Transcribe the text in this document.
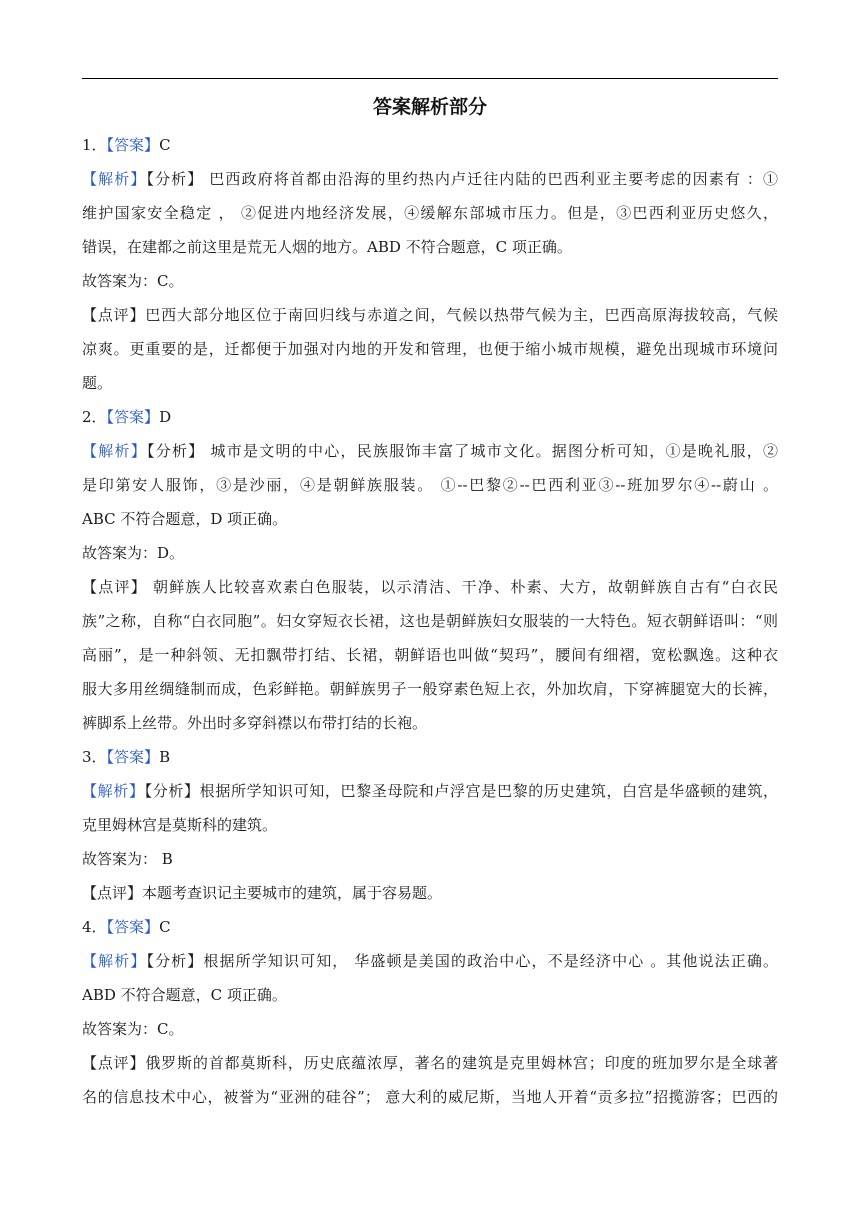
答案解析部分
1．【答案】C
【解析】【分析】 巴西政府将首都由沿海的里约热内卢迁往内陆的巴西利亚主要考虑的因素有 ：①
维护国家安全稳定 ， ②促进内地经济发展，④缓解东部城市压力。但是，③巴西利亚历史悠久，
错误，在建都之前这里是荒无人烟的地方。ABD 不符合题意，C 项正确。
故答案为：C。
【点评】巴西大部分地区位于南回归线与赤道之间，气候以热带气候为主，巴西高原海拔较高，气候
凉爽。更重要的是，迁都便于加强对内地的开发和管理，也便于缩小城市规模，避免出现城市环境问
题。
2．【答案】D
【解析】【分析】 城市是文明的中心，民族服饰丰富了城市文化。据图分析可知，①是晚礼服，②
是印第安人服饰，③是沙丽，④是朝鲜族服装。 ①--巴黎②--巴西利亚③--班加罗尔④--蔚山 。
ABC 不符合题意，D 项正确。
故答案为：D。
【点评】 朝鲜族人比较喜欢素白色服装，以示清洁、干净、朴素、大方，故朝鲜族自古有“白衣民
族”之称，自称“白衣同胞”。妇女穿短衣长裙，这也是朝鲜族妇女服装的一大特色。短衣朝鲜语叫：“则
高丽”，是一种斜领、无扣飘带打结、长裙，朝鲜语也叫做“契玛”，腰间有细褶，宽松飘逸。这种衣
服大多用丝绸缝制而成，色彩鲜艳。朝鲜族男子一般穿素色短上衣，外加坎肩，下穿裤腿宽大的长裤，
裤脚系上丝带。外出时多穿斜襟以布带打结的长袍。
3．【答案】B
【解析】【分析】根据所学知识可知，巴黎圣母院和卢浮宫是巴黎的历史建筑，白宫是华盛顿的建筑，
克里姆林宫是莫斯科的建筑。
故答案为： B
【点评】本题考查识记主要城市的建筑，属于容易题。
4．【答案】C
【解析】【分析】根据所学知识可知， 华盛顿是美国的政治中心，不是经济中心 。其他说法正确。
ABD 不符合题意，C 项正确。
故答案为：C。
【点评】俄罗斯的首都莫斯科，历史底蕴浓厚，著名的建筑是克里姆林宫；印度的班加罗尔是全球著
名的信息技术中心，被誉为“亚洲的硅谷”； 意大利的威尼斯，当地人开着“贡多拉”招揽游客；巴西的
